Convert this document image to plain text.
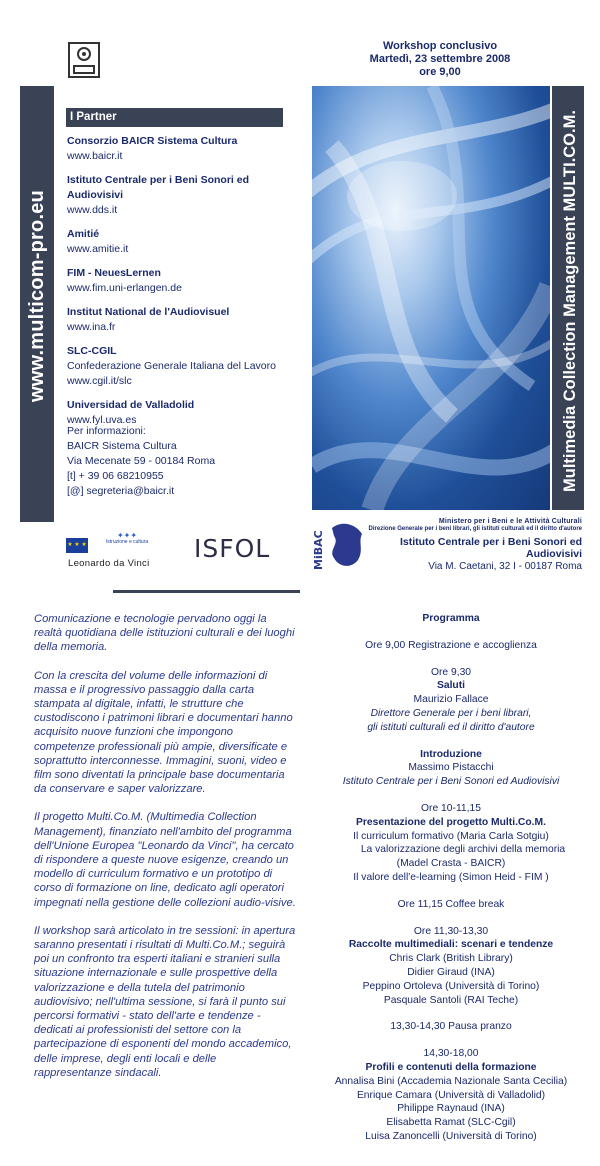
www.multicom-pro.eu	Multimedia Collection Management MULTI.CO.M.
I Partner
Consorzio BAICR Sistema Cultura
www.baicr.it
Istituto Centrale per i Beni Sonori ed Audiovisivi
www.dds.it
Amitié
www.amitie.it
FIM - NeuesLernen
www.fim.uni-erlangen.de
Institut National de l'Audiovisuel
www.ina.fr
SLC-CGIL
Confederazione Generale Italiana del Lavoro
www.cgil.it/slc
Universidad de Valladolid
www.fyl.uva.es
Per informazioni:
BAICR Sistema Cultura
Via Mecenate 59 - 00184 Roma
[t] + 39 06 68210955
[@] segreteria@baicr.it
★ ★ ★
✦✦✦
Istruzione e cultura
Leonardo da Vinci
ISFOL
Workshop conclusivo
Martedì, 23 settembre 2008
ore 9,00
MiBAC
Ministero per i Beni e le Attività Culturali
Direzione Generale per i beni librari, gli istituti culturali ed il diritto d'autore
Istituto Centrale per i Beni Sonori ed Audiovisivi
Via M. Caetani, 32 I - 00187 Roma

Comunicazione e tecnologie pervadono oggi la realtà quotidiana delle istituzioni culturali e dei luoghi della memoria.

Con la crescita del volume delle informazioni di massa e il progressivo passaggio dalla carta stampata al digitale, infatti, le strutture che custodiscono i patrimoni librari e documentari hanno acquisito nuove funzioni che impongono competenze professionali più ampie, diversificate e soprattutto interconnesse. Immagini, suoni, video e film sono diventati la principale base documentaria da conservare e saper valorizzare.

Il progetto Multi.Co.M. (Multimedia Collection Management), finanziato nell'ambito del programma dell'Unione Europea "Leonardo da Vinci", ha cercato di rispondere a queste nuove esigenze, creando un modello di curriculum formativo e un prototipo di corso di formazione on line, dedicato agli operatori impegnati nella gestione delle collezioni audio-visive.

Il workshop sarà articolato in tre sessioni: in apertura saranno presentati i risultati di Multi.Co.M.; seguirà poi un confronto tra esperti italiani e stranieri sulla situazione internazionale e sulle prospettive della valorizzazione e della tutela del patrimonio audiovisivo; nell'ultima sessione, si farà il punto sui percorsi formativi - stato dell'arte e tendenze - dedicati ai professionisti del settore con la partecipazione di esponenti del mondo accademico, delle imprese, degli enti locali e delle rappresentanze sindacali.

Programma
Ore 9,00 Registrazione e accoglienza
Ore 9,30
Saluti
Maurizio Fallace
Direttore Generale per i beni librari,
gli istituti culturali ed il diritto d'autore
Introduzione
Massimo Pistacchi
Istituto Centrale per i Beni Sonori ed Audiovisivi
Ore 10-11,15
Presentazione del progetto Multi.Co.M.
Il curriculum formativo (Maria Carla Sotgiu)
La valorizzazione degli archivi della memoria
(Madel Crasta - BAICR)
Il valore dell'e-learning (Simon Heid - FIM )
Ore 11,15 Coffee break
Ore 11,30-13,30
Raccolte multimediali: scenari e tendenze
Chris Clark (British Library)
Didier Giraud (INA)
Peppino Ortoleva (Università di Torino)
Pasquale Santoli (RAI Teche)
13,30-14,30 Pausa pranzo
14,30-18,00
Profili e contenuti della formazione
Annalisa Bini (Accademia Nazionale Santa Cecilia)
Enrique Camara (Università di Valladolid)
Philippe Raynaud (INA)
Elisabetta Ramat (SLC-Cgil)
Luisa Zanoncelli (Università di Torino)
